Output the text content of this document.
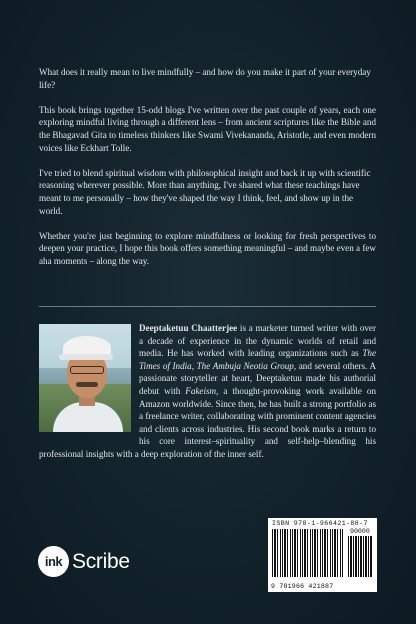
What does it really mean to live mindfully – and how do you make it part of your everyday life?

This book brings together 15-odd blogs I've written over the past couple of years, each one exploring mindful living through a different lens – from ancient scriptures like the Bible and the Bhagavad Gita to timeless thinkers like Swami Vivekananda, Aristotle, and even modern voices like Eckhart Tolle.

I've tried to blend spiritual wisdom with philosophical insight and back it up with scientific reasoning wherever possible. More than anything, I've shared what these teachings have meant to me personally – how they've shaped the way I think, feel, and show up in the world.

Whether you're just beginning to explore mindfulness or looking for fresh perspectives to deepen your practice, I hope this book offers something meaningful – and maybe even a few aha moments – along the way.

Deeptaketuu Chaatterjee is a marketer turned writer with over a decade of experience in the dynamic worlds of retail and media. He has worked with leading organizations such as The Times of India, The Ambuja Neotia Group, and several others. A passionate storyteller at heart, Deeptaketuu made his authorial debut with Fakeism, a thought-provoking work available on Amazon worldwide. Since then, he has built a strong portfolio as a freelance writer, collaborating with prominent content agencies and clients across industries. His second book marks a return to his core interest–spirituality and self-help–blending his professional insights with a deep exploration of the inner self.
ink Scribe
ISBN 978-1-966421-88-7
90000
9 781966 421887
